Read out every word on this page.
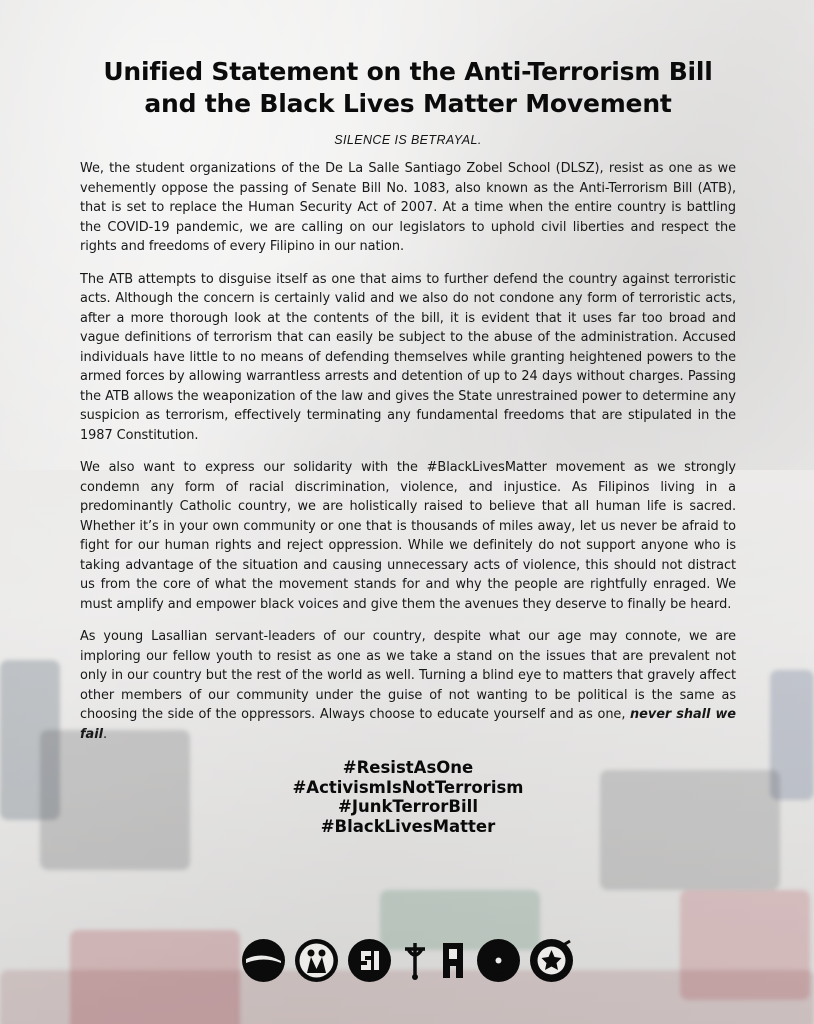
Unified Statement on the Anti-Terrorism Bill and the Black Lives Matter Movement
SILENCE IS BETRAYAL.

We, the student organizations of the De La Salle Santiago Zobel School (DLSZ), resist as one as we vehemently oppose the passing of Senate Bill No. 1083, also known as the Anti-Terrorism Bill (ATB), that is set to replace the Human Security Act of 2007. At a time when the entire country is battling the COVID-19 pandemic, we are calling on our legislators to uphold civil liberties and respect the rights and freedoms of every Filipino in our nation.

The ATB attempts to disguise itself as one that aims to further defend the country against terroristic acts. Although the concern is certainly valid and we also do not condone any form of terroristic acts, after a more thorough look at the contents of the bill, it is evident that it uses far too broad and vague definitions of terrorism that can easily be subject to the abuse of the administration. Accused individuals have little to no means of defending themselves while granting heightened powers to the armed forces by allowing warrantless arrests and detention of up to 24 days without charges. Passing the ATB allows the weaponization of the law and gives the State unrestrained power to determine any suspicion as terrorism, effectively terminating any fundamental freedoms that are stipulated in the 1987 Constitution.

We also want to express our solidarity with the #BlackLivesMatter movement as we strongly condemn any form of racial discrimination, violence, and injustice. As Filipinos living in a predominantly Catholic country, we are holistically raised to believe that all human life is sacred. Whether it’s in your own community or one that is thousands of miles away, let us never be afraid to fight for our human rights and reject oppression. While we definitely do not support anyone who is taking advantage of the situation and causing unnecessary acts of violence, this should not distract us from the core of what the movement stands for and why the people are rightfully enraged. We must amplify and empower black voices and give them the avenues they deserve to finally be heard.

As young Lasallian servant-leaders of our country, despite what our age may connote, we are imploring our fellow youth to resist as one as we take a stand on the issues that are prevalent not only in our country but the rest of the world as well. Turning a blind eye to matters that gravely affect other members of our community under the guise of not wanting to be political is the same as choosing the side of the oppressors. Always choose to educate yourself and as one, never shall we fail.

#ResistAsOne
#ActivismIsNotTerrorism
#JunkTerrorBill
#BlackLivesMatter
